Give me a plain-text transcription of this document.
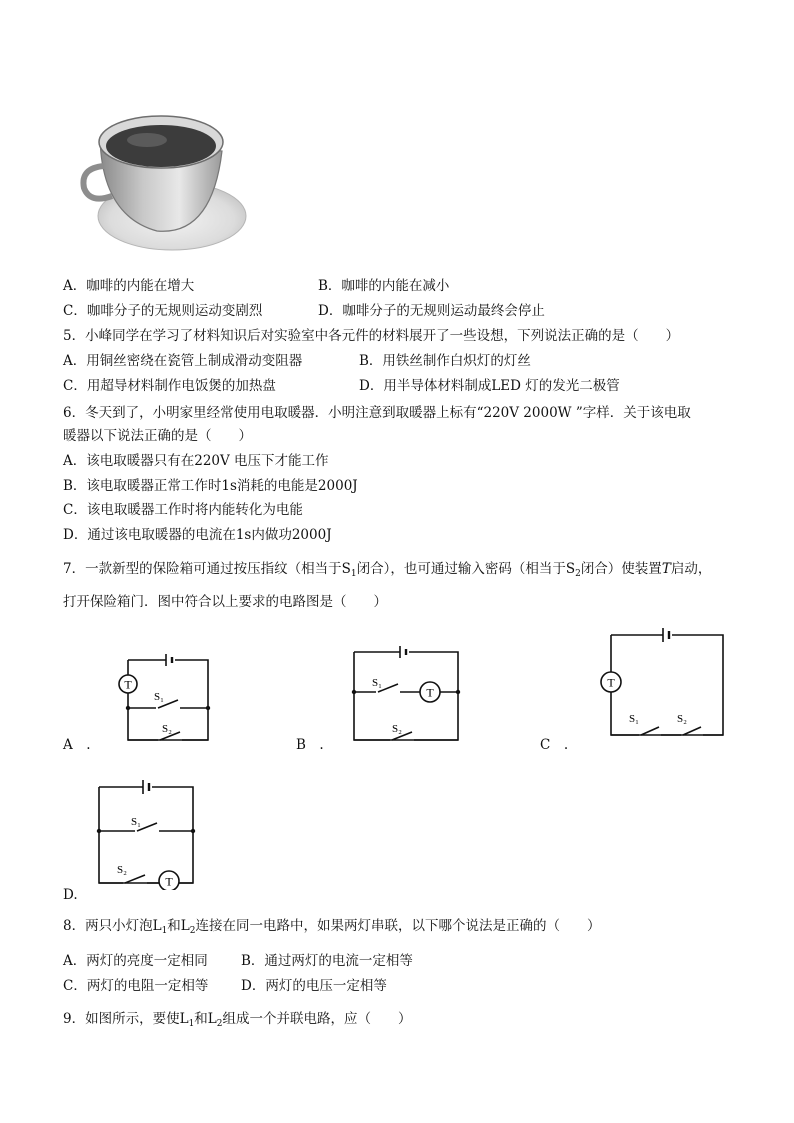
A．咖啡的内能在增大	B．咖啡的内能在减小
C．咖啡分子的无规则运动变剧烈	D．咖啡分子的无规则运动最终会停止
5．小峰同学在学习了材料知识后对实验室中各元件的材料展开了一些设想，下列说法正确的是（　　）
A．用铜丝密绕在瓷管上制成滑动变阻器	B．用铁丝制作白炽灯的灯丝
C．用超导材料制作电饭煲的加热盘	D．用半导体材料制成LED 灯的发光二极管
6．冬天到了，小明家里经常使用电取暖器．小明注意到取暖器上标有“220V 2000W ”字样．关于该电取
暖器以下说法正确的是（　　）
A．该电取暖器只有在220V 电压下才能工作
B．该电取暖器正常工作时1s消耗的电能是2000J
C．该电取暖器工作时将内能转化为电能
D．通过该电取暖器的电流在1s内做功2000J
7．一款新型的保险箱可通过按压指纹（相当于$S_1$闭合），也可通过输入密码（相当于$S_2$闭合）使装置T启动，
打开保险箱门．图中符合以上要求的电路图是（　　）
A　.
T
S₁
S₂
B　.
T
S₁
S₂
C　.
T
S₁	S₂
D.
T
S₁
S₂
8．两只小灯泡$L_1$和$L_2$连接在同一电路中，如果两灯串联，以下哪个说法是正确的（　　）
A．两灯的亮度一定相同 B．通过两灯的电流一定相等
C．两灯的电阻一定相等 D．两灯的电压一定相等
9．如图所示，要使$L_1$和$L_2$组成一个并联电路，应（　　）
